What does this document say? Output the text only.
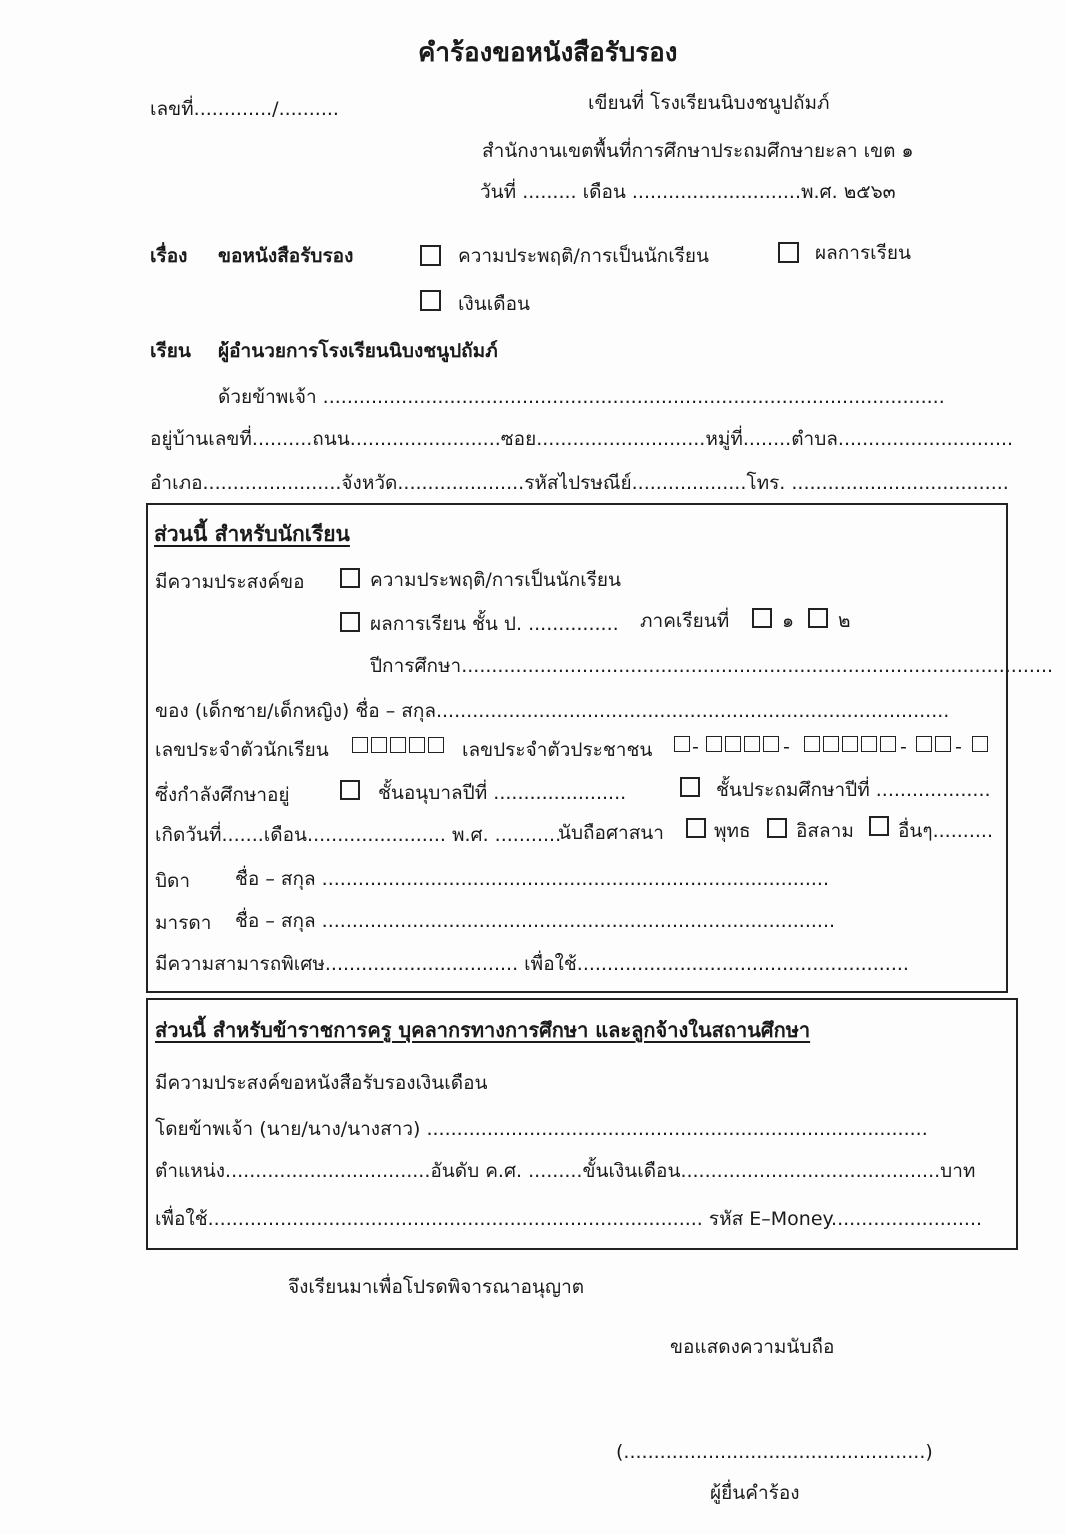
คำร้องขอหนังสือรับรอง
เลขที่............./..........	เขียนที่ โรงเรียนนิบงชนูปถัมภ์
สำนักงานเขตพื้นที่การศึกษาประถมศึกษายะลา เขต ๑
วันที่ ......... เดือน ............................พ.ศ. ๒๕๖๓
เรื่อง ขอหนังสือรับรอง	ความประพฤติ/การเป็นนักเรียน	ผลการเรียน
เงินเดือน
เรียน ผู้อำนวยการโรงเรียนนิบงชนูปถัมภ์
ด้วยข้าพเจ้า .......................................................................................................
อยู่บ้านเลขที่..........ถนน.........................ซอย............................หมู่ที่........ตำบล.............................
อำเภอ.......................จังหวัด.....................รหัสไปรษณีย์...................โทร. ....................................
ส่วนนี้ สำหรับนักเรียน
มีความประสงค์ขอ	ความประพฤติ/การเป็นนักเรียน
ผลการเรียน ชั้น ป. ............... ภาคเรียนที่	๑ ๒
ปีการศึกษา..................................................................................................
ของ (เด็กชาย/เด็กหญิง) ชื่อ – สกุล.....................................................................................
เลขประจำตัวนักเรียน	เลขประจำตัวประชาชน -	-	-	-
ซึ่งกำลังศึกษาอยู่	ชั้นอนุบาลปีที่ ......................	ชั้นประถมศึกษาปีที่ ...................
เกิดวันที่.......เดือน....................... พ.ศ. ...........
นับถือศาสนา	พุทธ อิสลาม อื่นๆ..........
บิดา ชื่อ – สกุล ....................................................................................
มารดา ชื่อ – สกุล .....................................................................................
มีความสามารถพิเศษ................................ เพื่อใช้.......................................................
ส่วนนี้ สำหรับข้าราชการครู บุคลากรทางการศึกษา และลูกจ้างในสถานศึกษา
มีความประสงค์ขอหนังสือรับรองเงินเดือน
โดยข้าพเจ้า (นาย/นาง/นางสาว) ...................................................................................
ตำแหน่ง..................................อันดับ ค.ศ. .........ขั้นเงินเดือน...........................................บาท
เพื่อใช้.................................................................................. รหัส E–Money.........................
จึงเรียนมาเพื่อโปรดพิจารณาอนุญาต
ขอแสดงความนับถือ
(..................................................)
ผู้ยื่นคำร้อง
